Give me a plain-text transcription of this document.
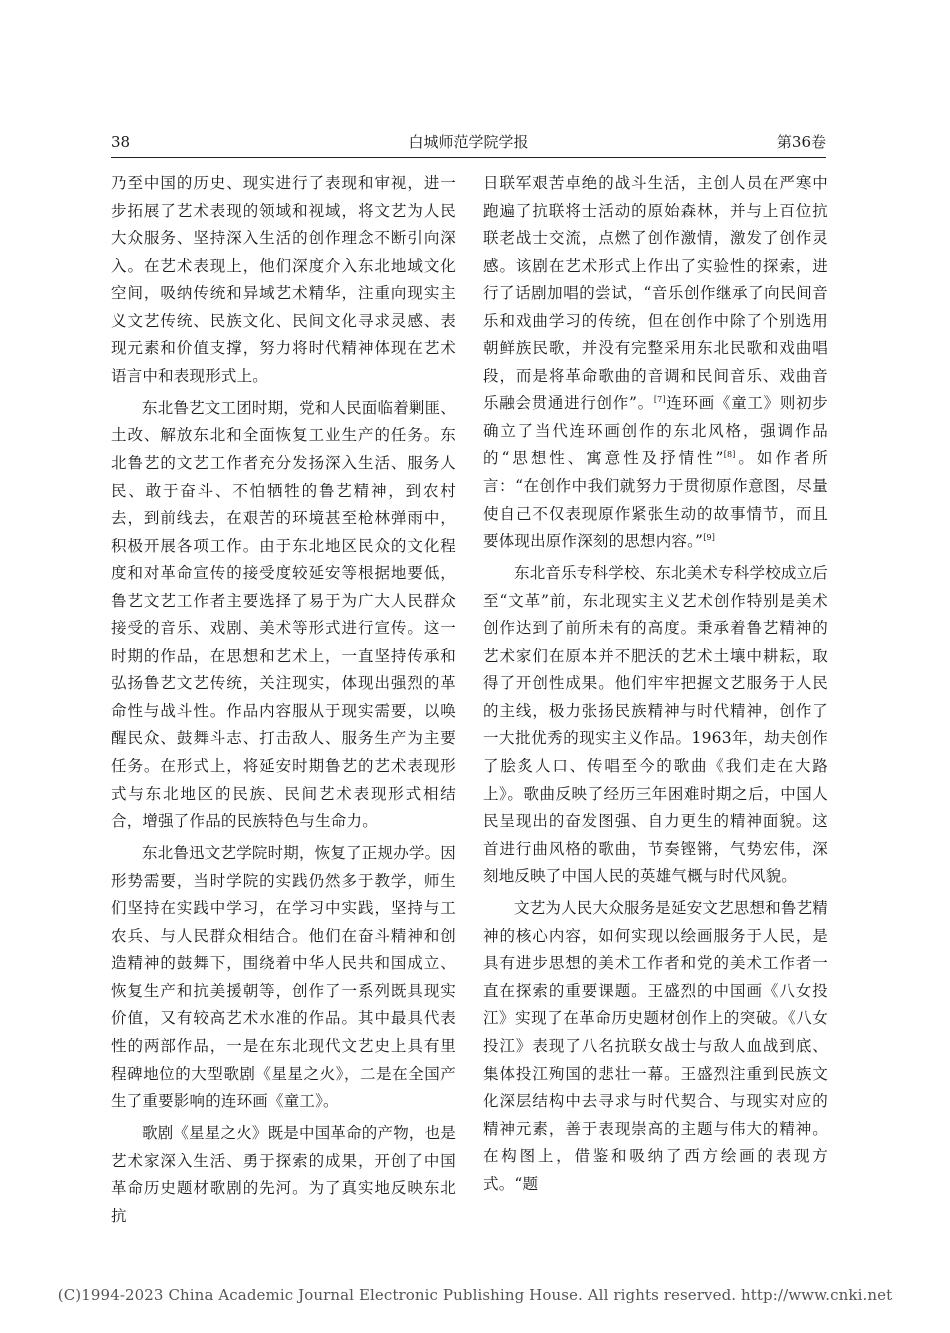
38	白城师范学院学报	第36卷

乃至中国的历史、现实进行了表现和审视，进一步拓展了艺术表现的领域和视域，将文艺为人民大众服务、坚持深入生活的创作理念不断引向深入。在艺术表现上，他们深度介入东北地域文化空间，吸纳传统和异域艺术精华，注重向现实主义文艺传统、民族文化、民间文化寻求灵感、表现元素和价值支撑，努力将时代精神体现在艺术语言中和表现形式上。

东北鲁艺文工团时期，党和人民面临着剿匪、土改、解放东北和全面恢复工业生产的任务。东北鲁艺的文艺工作者充分发扬深入生活、服务人民、敢于奋斗、不怕牺牲的鲁艺精神，到农村去，到前线去，在艰苦的环境甚至枪林弹雨中，积极开展各项工作。由于东北地区民众的文化程度和对革命宣传的接受度较延安等根据地要低，鲁艺文艺工作者主要选择了易于为广大人民群众接受的音乐、戏剧、美术等形式进行宣传。这一时期的作品，在思想和艺术上，一直坚持传承和弘扬鲁艺文艺传统，关注现实，体现出强烈的革命性与战斗性。作品内容服从于现实需要，以唤醒民众、鼓舞斗志、打击敌人、服务生产为主要任务。在形式上，将延安时期鲁艺的艺术表现形式与东北地区的民族、民间艺术表现形式相结合，增强了作品的民族特色与生命力。

东北鲁迅文艺学院时期，恢复了正规办学。因形势需要，当时学院的实践仍然多于教学，师生们坚持在实践中学习，在学习中实践，坚持与工农兵、与人民群众相结合。他们在奋斗精神和创造精神的鼓舞下，围绕着中华人民共和国成立、恢复生产和抗美援朝等，创作了一系列既具现实价值，又有较高艺术水准的作品。其中最具代表性的两部作品，一是在东北现代文艺史上具有里程碑地位的大型歌剧《星星之火》，二是在全国产生了重要影响的连环画《童工》。

歌剧《星星之火》既是中国革命的产物，也是艺术家深入生活、勇于探索的成果，开创了中国革命历史题材歌剧的先河。为了真实地反映东北抗

日联军艰苦卓绝的战斗生活，主创人员在严寒中跑遍了抗联将士活动的原始森林，并与上百位抗联老战士交流，点燃了创作激情，激发了创作灵感。该剧在艺术形式上作出了实验性的探索，进行了话剧加唱的尝试，“音乐创作继承了向民间音乐和戏曲学习的传统，但在创作中除了个别选用朝鲜族民歌，并没有完整采用东北民歌和戏曲唱段，而是将革命歌曲的音调和民间音乐、戏曲音乐融会贯通进行创作”。[7]连环画《童工》则初步确立了当代连环画创作的东北风格，强调作品的“思想性、寓意性及抒情性”[8]。如作者所言：“在创作中我们就努力于贯彻原作意图，尽量使自己不仅表现原作紧张生动的故事情节，而且要体现出原作深刻的思想内容。”[9]

东北音乐专科学校、东北美术专科学校成立后至“文革”前，东北现实主义艺术创作特别是美术创作达到了前所未有的高度。秉承着鲁艺精神的艺术家们在原本并不肥沃的艺术土壤中耕耘，取得了开创性成果。他们牢牢把握文艺服务于人民的主线，极力张扬民族精神与时代精神，创作了一大批优秀的现实主义作品。1963年，劫夫创作了脍炙人口、传唱至今的歌曲《我们走在大路上》。歌曲反映了经历三年困难时期之后，中国人民呈现出的奋发图强、自力更生的精神面貌。这首进行曲风格的歌曲，节奏铿锵，气势宏伟，深刻地反映了中国人民的英雄气概与时代风貌。

文艺为人民大众服务是延安文艺思想和鲁艺精神的核心内容，如何实现以绘画服务于人民，是具有进步思想的美术工作者和党的美术工作者一直在探索的重要课题。王盛烈的中国画《八女投江》实现了在革命历史题材创作上的突破。《八女投江》表现了八名抗联女战士与敌人血战到底、集体投江殉国的悲壮一幕。王盛烈注重到民族文化深层结构中去寻求与时代契合、与现实对应的精神元素，善于表现崇高的主题与伟大的精神。在构图上，借鉴和吸纳了西方绘画的表现方式。“题

(C)1994-2023 China Academic Journal Electronic Publishing House. All rights reserved. http://www.cnki.net
